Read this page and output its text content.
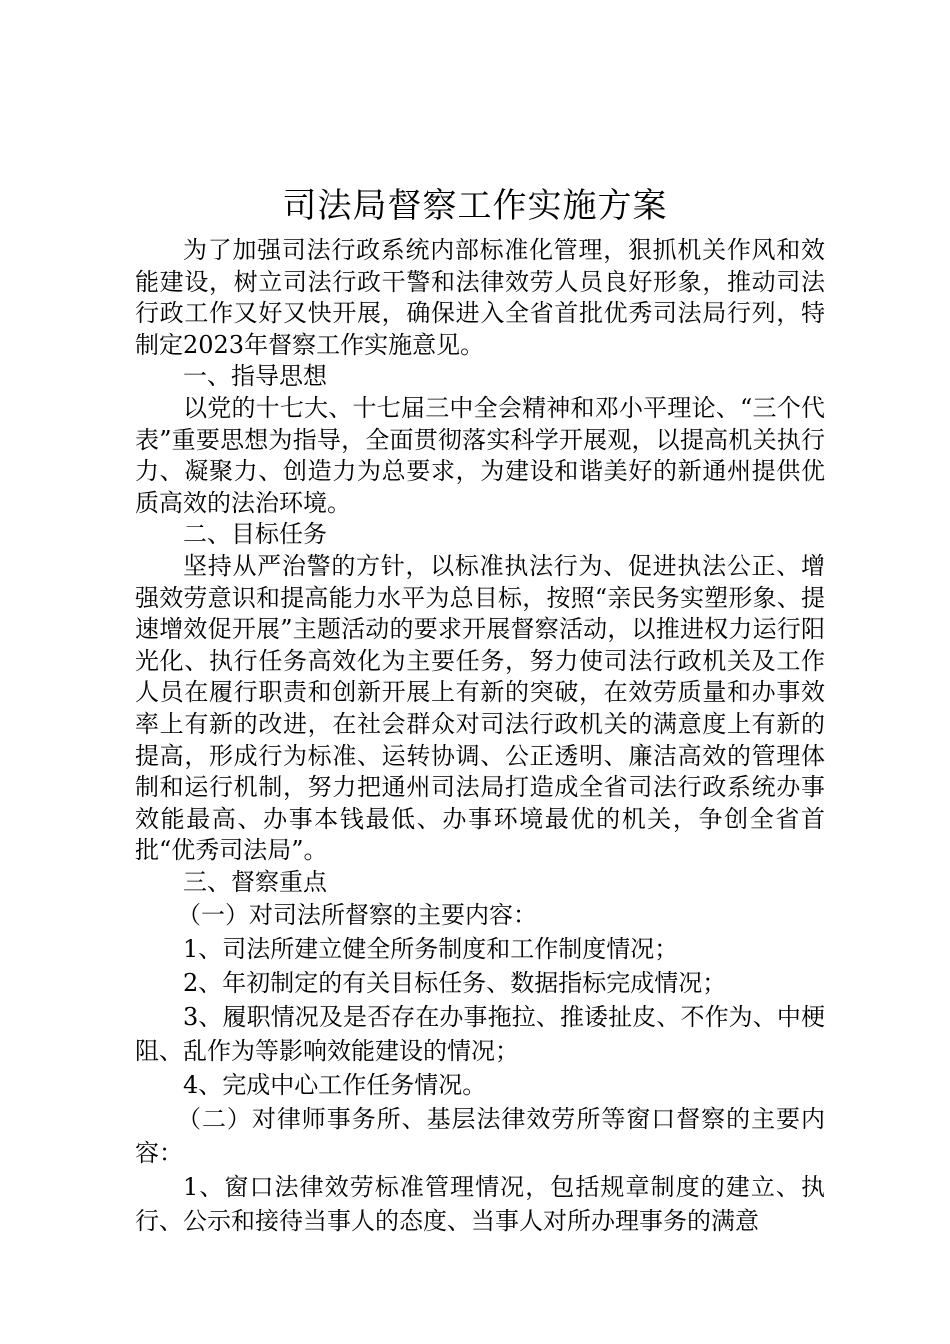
司法局督察工作实施方案

为了加强司法行政系统内部标准化管理，狠抓机关作风和效能建设，树立司法行政干警和法律效劳人员良好形象，推动司法行政工作又好又快开展，确保进入全省首批优秀司法局行列，特制定2023年督察工作实施意见。

一、指导思想

以党的十七大、十七届三中全会精神和邓小平理论、“三个代表”重要思想为指导，全面贯彻落实科学开展观，以提高机关执行力、凝聚力、创造力为总要求，为建设和谐美好的新通州提供优质高效的法治环境。

二、目标任务

坚持从严治警的方针，以标准执法行为、促进执法公正、增强效劳意识和提高能力水平为总目标，按照“亲民务实塑形象、提速增效促开展”主题活动的要求开展督察活动，以推进权力运行阳光化、执行任务高效化为主要任务，努力使司法行政机关及工作人员在履行职责和创新开展上有新的突破，在效劳质量和办事效率上有新的改进，在社会群众对司法行政机关的满意度上有新的提高，形成行为标准、运转协调、公正透明、廉洁高效的管理体制和运行机制，努力把通州司法局打造成全省司法行政系统办事效能最高、办事本钱最低、办事环境最优的机关，争创全省首批“优秀司法局”。

三、督察重点

（一）对司法所督察的主要内容：

1、司法所建立健全所务制度和工作制度情况；

2、年初制定的有关目标任务、数据指标完成情况；

3、履职情况及是否存在办事拖拉、推诿扯皮、不作为、中梗阻、乱作为等影响效能建设的情况；

4、完成中心工作任务情况。

（二）对律师事务所、基层法律效劳所等窗口督察的主要内容：

1、窗口法律效劳标准管理情况，包括规章制度的建立、执行、公示和接待当事人的态度、当事人对所办理事务的满意
